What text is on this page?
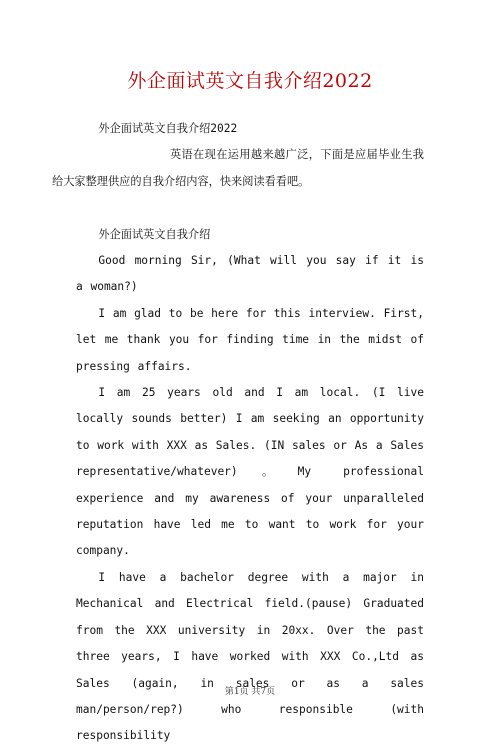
外企面试英文自我介绍2022

外企面试英文自我介绍2022

英语在现在运用越来越广泛，下面是应届毕业生我给大家整理供应的自我介绍内容，快来阅读看看吧。

外企面试英文自我介绍

Good morning Sir, (What will you say if it is a woman?)

I am glad to be here for this interview. First, let me thank you for finding time in the midst of pressing affairs.

I am 25 years old and I am local. (I live locally sounds better) I am seeking an opportunity to work with XXX as Sales. (IN sales or As a Sales representative/whatever)。My professional experience and my awareness of your unparalleled reputation have led me to want to work for your company.

I have a bachelor degree with a major in Mechanical and Electrical field.(pause) Graduated from the XXX university in 20xx. Over the past three years, I have worked with XXX Co.,Ltd as Sales (again, in sales or as a sales man/person/rep?) who responsible (with responsibility

第1页 共7页
